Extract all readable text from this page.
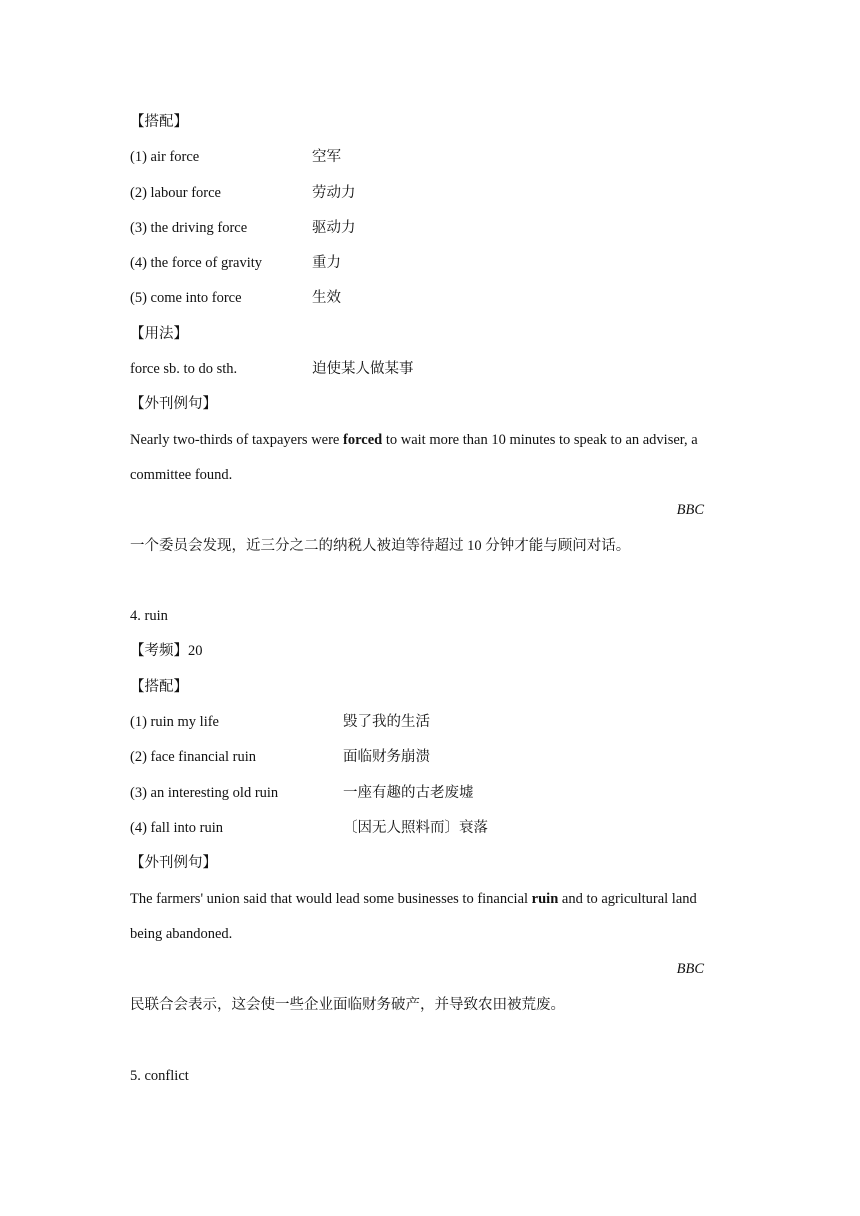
【搭配】
(1) air force	空军
(2) labour force	劳动力
(3) the driving force	驱动力
(4) the force of gravity	重力
(5) come into force	生效
【用法】
force sb. to do sth.	迫使某人做某事
【外刊例句】
Nearly two-thirds of taxpayers were forced to wait more than 10 minutes to speak to an adviser, a
committee found.
BBC
一个委员会发现，近三分之二的纳税人被迫等待超过 10 分钟才能与顾问对话。
4. ruin
【考频】20
【搭配】
(1) ruin my life	毁了我的生活
(2) face financial ruin	面临财务崩溃
(3) an interesting old ruin	一座有趣的古老废墟
(4) fall into ruin	〔因无人照料而〕衰落
【外刊例句】
The farmers' union said that would lead some businesses to financial ruin and to agricultural land
being abandoned.
BBC
民联合会表示，这会使一些企业面临财务破产，并导致农田被荒废。
5. conflict
